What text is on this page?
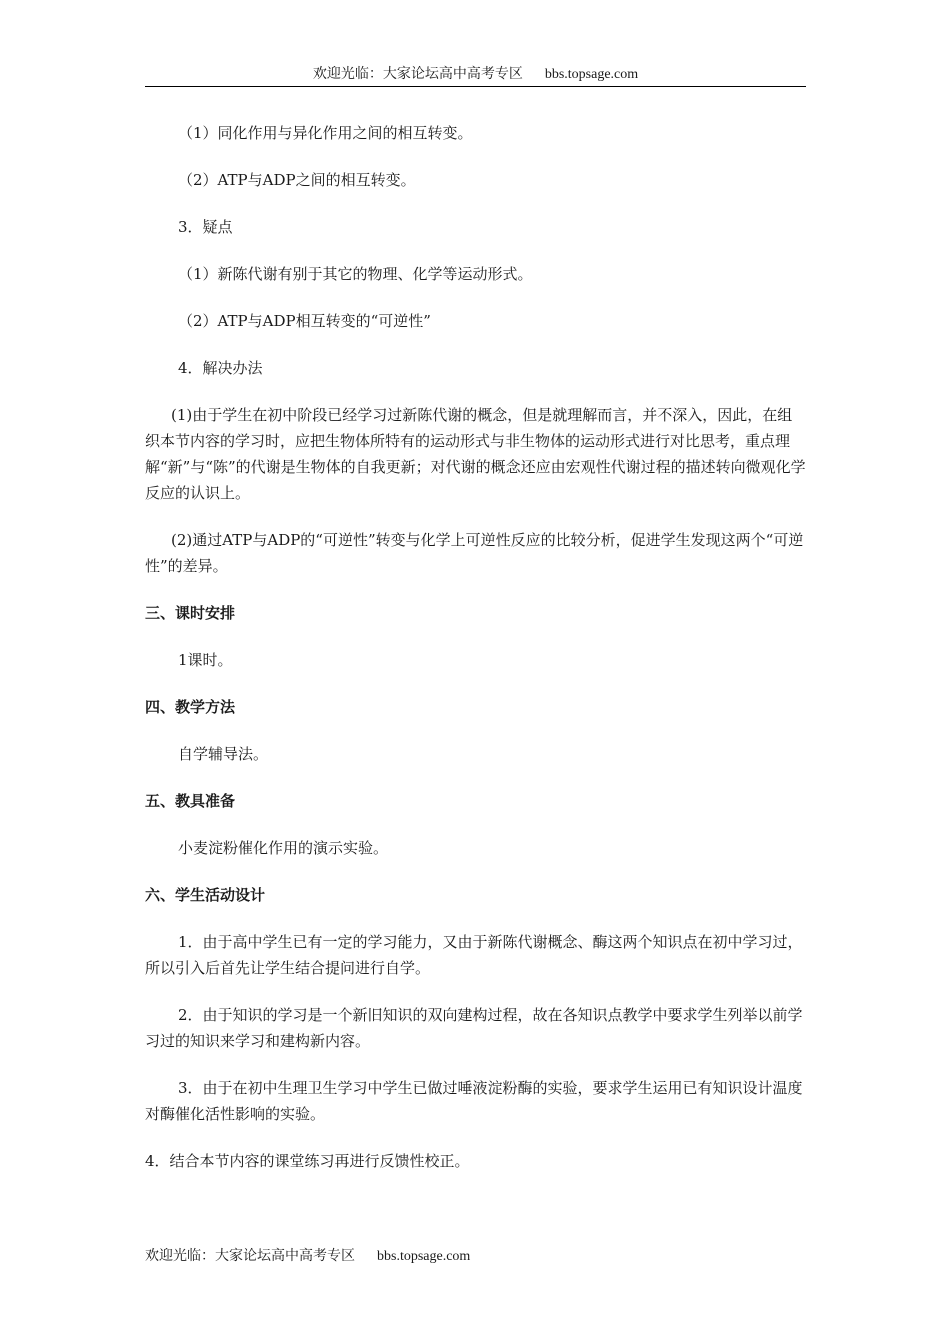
欢迎光临：大家论坛高中高考专区 bbs.topsage.com

（1）同化作用与异化作用之间的相互转变。

（2）ATP与ADP之间的相互转变。

3．疑点

（1）新陈代谢有别于其它的物理、化学等运动形式。

（2）ATP与ADP相互转变的“可逆性”

4．解决办法

(1)由于学生在初中阶段已经学习过新陈代谢的概念，但是就理解而言，并不深入，因此，在组织本节内容的学习时，应把生物体所特有的运动形式与非生物体的运动形式进行对比思考，重点理解“新”与“陈”的代谢是生物体的自我更新；对代谢的概念还应由宏观性代谢过程的描述转向微观化学反应的认识上。

(2)通过ATP与ADP的“可逆性”转变与化学上可逆性反应的比较分析，促进学生发现这两个“可逆性”的差异。

三、课时安排

1课时。

四、教学方法

自学辅导法。

五、教具准备

小麦淀粉催化作用的演示实验。

六、学生活动设计

1．由于高中学生已有一定的学习能力，又由于新陈代谢概念、酶这两个知识点在初中学习过，所以引入后首先让学生结合提问进行自学。

2．由于知识的学习是一个新旧知识的双向建构过程，故在各知识点教学中要求学生列举以前学习过的知识来学习和建构新内容。

3．由于在初中生理卫生学习中学生已做过唾液淀粉酶的实验，要求学生运用已有知识设计温度对酶催化活性影响的实验。

4．结合本节内容的课堂练习再进行反馈性校正。

欢迎光临：大家论坛高中高考专区 bbs.topsage.com
